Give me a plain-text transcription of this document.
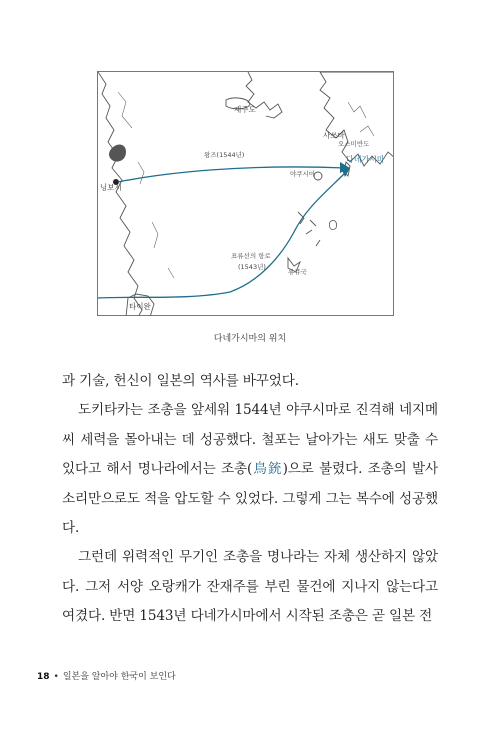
제주도
사쓰마
오스미반도
다네가시마
야쿠시마
닝보시
왕즈(1544년)
표류선의 항로
(1543년)
류큐국
타이완
다네가시마의 위치

과 기술, 헌신이 일본의 역사를 바꾸었다.

도키타카는 조총을 앞세워 1544년 야쿠시마로 진격해 네지메씨 세력을 몰아내는 데 성공했다. 철포는 날아가는 새도 맞출 수 있다고 해서 명나라에서는 조총(鳥銃)으로 불렸다. 조총의 발사 소리만으로도 적을 압도할 수 있었다. 그렇게 그는 복수에 성공했다.

그런데 위력적인 무기인 조총을 명나라는 자체 생산하지 않았다. 그저 서양 오랑캐가 잔재주를 부린 물건에 지나지 않는다고 여겼다. 반면 1543년 다네가시마에서 시작된 조총은 곧 일본 전

18 • 일본을 알아야 한국이 보인다
